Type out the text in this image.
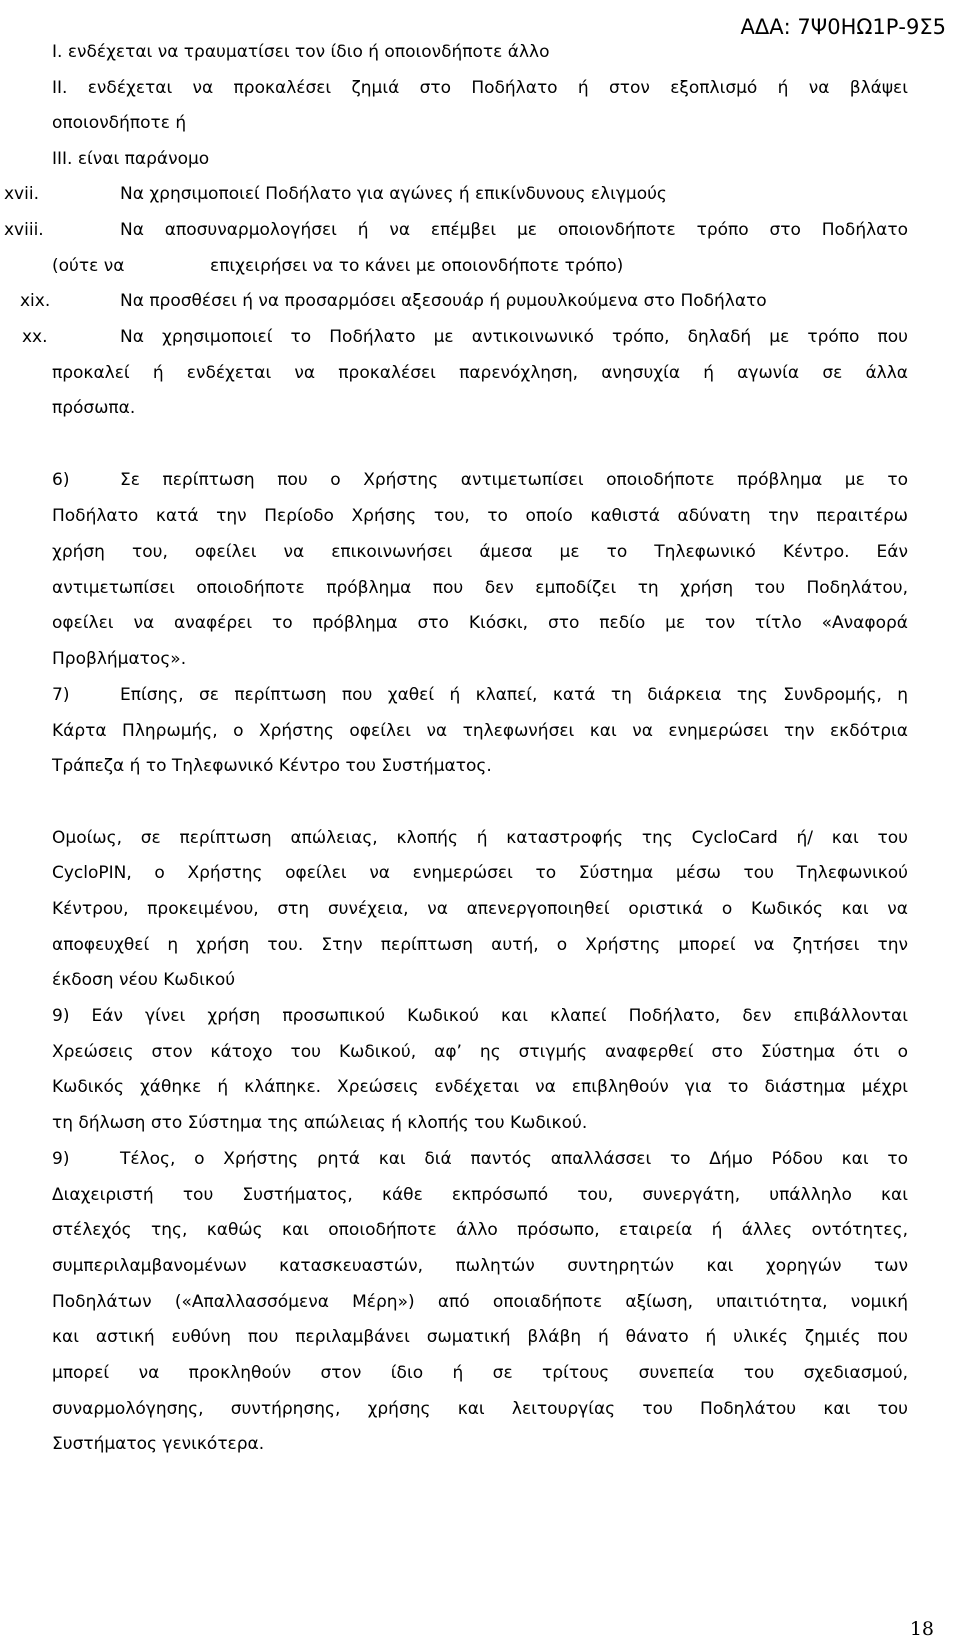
ΑΔΑ: 7Ψ0ΗΩ1Ρ-9Σ5
I. ενδέχεται να τραυματίσει τον ίδιο ή οποιονδήποτε άλλο
II. ενδέχεται να προκαλέσει ζημιά στο Ποδήλατο ή στον εξοπλισμό ή να βλάψει
οποιονδήποτε ή
III. είναι παράνομο
xvii.	Να χρησιμοποιεί Ποδήλατο για αγώνες ή επικίνδυνους ελιγμούς
xviii.	Να αποσυναρμολογήσει ή να επέμβει με οποιονδήποτε τρόπο στο Ποδήλατο
(ούτε να	επιχειρήσει να το κάνει με οποιονδήποτε τρόπο)
xix.	Να προσθέσει ή να προσαρμόσει αξεσουάρ ή ρυμουλκούμενα στο Ποδήλατο
xx.	Να χρησιμοποιεί το Ποδήλατο με αντικοινωνικό τρόπο, δηλαδή με τρόπο που
προκαλεί ή ενδέχεται να προκαλέσει παρενόχληση, ανησυχία ή αγωνία σε άλλα
πρόσωπα.
6)	Σε περίπτωση που ο Χρήστης αντιμετωπίσει οποιοδήποτε πρόβλημα με το
Ποδήλατο κατά την Περίοδο Χρήσης του, το οποίο καθιστά αδύνατη την περαιτέρω
χρήση του, οφείλει να επικοινωνήσει άμεσα με το Τηλεφωνικό Κέντρο. Εάν
αντιμετωπίσει οποιοδήποτε πρόβλημα που δεν εμποδίζει τη χρήση του Ποδηλάτου,
οφείλει να αναφέρει το πρόβλημα στο Κιόσκι, στο πεδίο με τον τίτλο «Αναφορά
Προβλήματος».
7)	Επίσης, σε περίπτωση που χαθεί ή κλαπεί, κατά τη διάρκεια της Συνδρομής, η
Κάρτα Πληρωμής, ο Χρήστης οφείλει να τηλεφωνήσει και να ενημερώσει την εκδότρια
Τράπεζα ή το Τηλεφωνικό Κέντρο του Συστήματος.
Ομοίως, σε περίπτωση απώλειας, κλοπής ή καταστροφής της CycloCard ή/ και του
CycloPIN, ο Χρήστης οφείλει να ενημερώσει το Σύστημα μέσω του Τηλεφωνικού
Κέντρου, προκειμένου, στη συνέχεια, να απενεργοποιηθεί οριστικά ο Κωδικός και να
αποφευχθεί η χρήση του. Στην περίπτωση αυτή, ο Χρήστης μπορεί να ζητήσει την
έκδοση νέου Κωδικού
9) Εάν γίνει χρήση προσωπικού Κωδικού και κλαπεί Ποδήλατο, δεν επιβάλλονται
Χρεώσεις στον κάτοχο του Κωδικού, αφ’ ης στιγμής αναφερθεί στο Σύστημα ότι ο
Κωδικός χάθηκε ή κλάπηκε. Χρεώσεις ενδέχεται να επιβληθούν για το διάστημα μέχρι
τη δήλωση στο Σύστημα της απώλειας ή κλοπής του Κωδικού.
9)	Τέλος, ο Χρήστης ρητά και διά παντός απαλλάσσει το Δήμο Ρόδου και το
Διαχειριστή του Συστήματος, κάθε εκπρόσωπό του, συνεργάτη, υπάλληλο και
στέλεχός της, καθώς και οποιοδήποτε άλλο πρόσωπο, εταιρεία ή άλλες οντότητες,
συμπεριλαμβανομένων κατασκευαστών, πωλητών συντηρητών και χορηγών των
Ποδηλάτων («Απαλλασσόμενα Μέρη») από οποιαδήποτε αξίωση, υπαιτιότητα, νομική
και αστική ευθύνη που περιλαμβάνει σωματική βλάβη ή θάνατο ή υλικές ζημιές που
μπορεί να προκληθούν στον ίδιο ή σε τρίτους συνεπεία του σχεδιασμού,
συναρμολόγησης, συντήρησης, χρήσης και λειτουργίας του Ποδηλάτου και του
Συστήματος γενικότερα.
18
